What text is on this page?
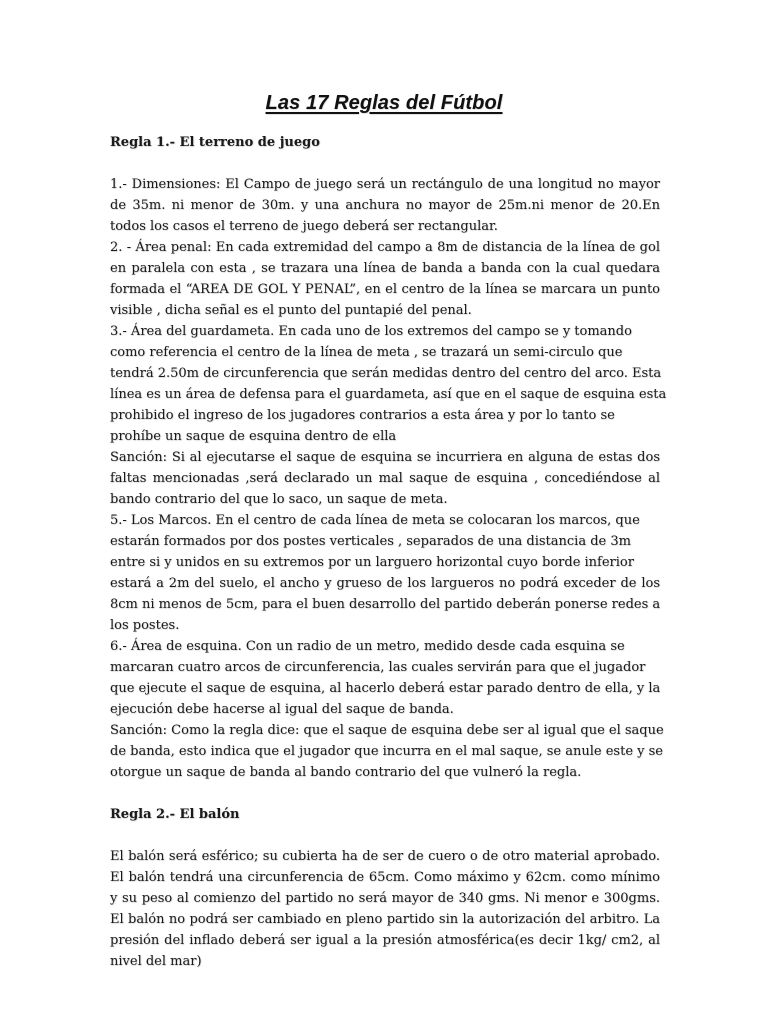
Las 17 Reglas del Fútbol
Regla 1.- El terreno de juego
1.- Dimensiones: El Campo de juego será un rectángulo de una longitud no mayor
de 35m. ni menor de 30m. y una anchura no mayor de 25m.ni menor de 20.En
todos los casos el terreno de juego deberá ser rectangular.
2. - Área penal: En cada extremidad del campo a 8m de distancia de la línea de gol
en paralela con esta , se trazara una línea de banda a banda con la cual quedara
formada el “AREA DE GOL Y PENAL”, en el centro de la línea se marcara un punto
visible , dicha señal es el punto del puntapié del penal.
3.- Área del guardameta. En cada uno de los extremos del campo se y tomando
como referencia el centro de la línea de meta , se trazará un semi-circulo que
tendrá 2.50m de circunferencia que serán medidas dentro del centro del arco. Esta
línea es un área de defensa para el guardameta, así que en el saque de esquina esta
prohibido el ingreso de los jugadores contrarios a esta área y por lo tanto se
prohíbe un saque de esquina dentro de ella
Sanción: Si al ejecutarse el saque de esquina se incurriera en alguna de estas dos
faltas mencionadas ,será declarado un mal saque de esquina , concediéndose al
bando contrario del que lo saco, un saque de meta.
5.- Los Marcos. En el centro de cada línea de meta se colocaran los marcos, que
estarán formados por dos postes verticales , separados de una distancia de 3m
entre si y unidos en su extremos por un larguero horizontal cuyo borde inferior
estará a 2m del suelo, el ancho y grueso de los largueros no podrá exceder de los
8cm ni menos de 5cm, para el buen desarrollo del partido deberán ponerse redes a
los postes.
6.- Área de esquina. Con un radio de un metro, medido desde cada esquina se
marcaran cuatro arcos de circunferencia, las cuales servirán para que el jugador
que ejecute el saque de esquina, al hacerlo deberá estar parado dentro de ella, y la
ejecución debe hacerse al igual del saque de banda.
Sanción: Como la regla dice: que el saque de esquina debe ser al igual que el saque
de banda, esto indica que el jugador que incurra en el mal saque, se anule este y se
otorgue un saque de banda al bando contrario del que vulneró la regla.
Regla 2.- El balón
El balón será esférico; su cubierta ha de ser de cuero o de otro material aprobado.
El balón tendrá una circunferencia de 65cm. Como máximo y 62cm. como mínimo
y su peso al comienzo del partido no será mayor de 340 gms. Ni menor e 300gms.
El balón no podrá ser cambiado en pleno partido sin la autorización del arbitro. La
presión del inflado deberá ser igual a la presión atmosférica(es decir 1kg/ cm2, al
nivel del mar)
